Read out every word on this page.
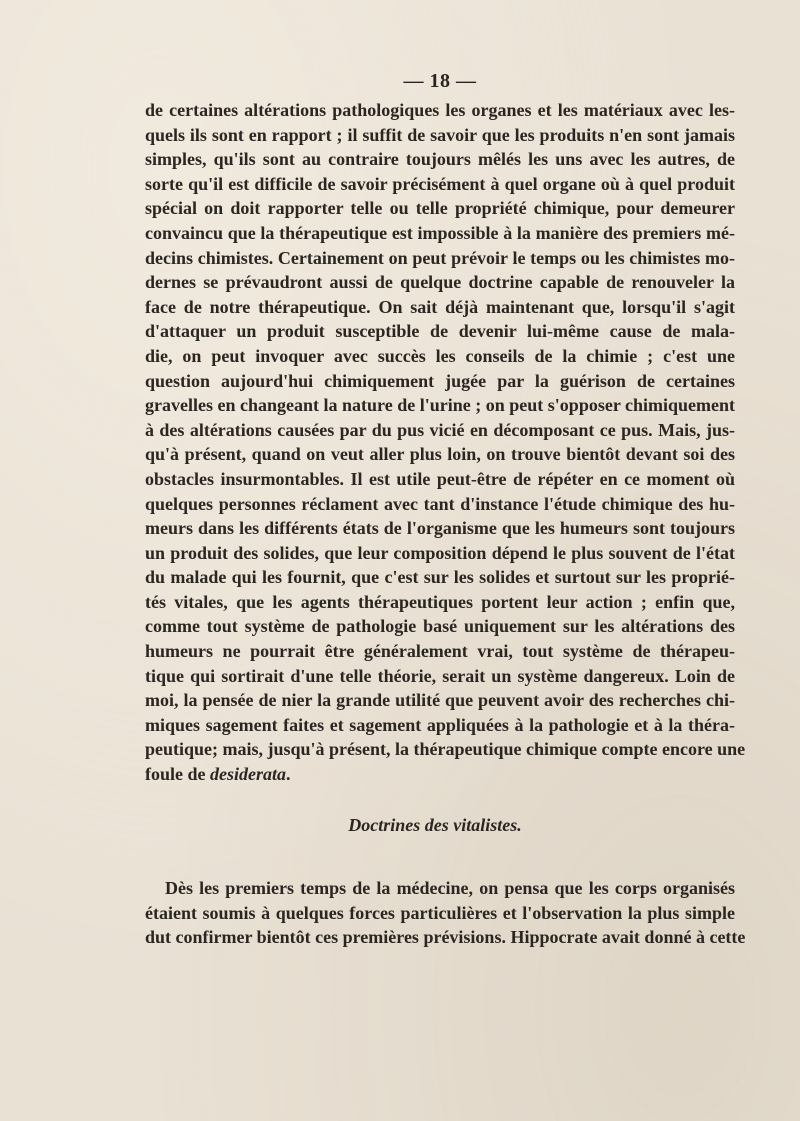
— 18 —
de certaines altérations pathologiques les organes et les matériaux avec les-
quels ils sont en rapport ; il suffit de savoir que les produits n'en sont jamais
simples, qu'ils sont au contraire toujours mêlés les uns avec les autres, de
sorte qu'il est difficile de savoir précisément à quel organe où à quel produit
spécial on doit rapporter telle ou telle propriété chimique, pour demeurer
convaincu que la thérapeutique est impossible à la manière des premiers mé-
decins chimistes. Certainement on peut prévoir le temps ou les chimistes mo-
dernes se prévaudront aussi de quelque doctrine capable de renouveler la
face de notre thérapeutique. On sait déjà maintenant que, lorsqu'il s'agit
d'attaquer un produit susceptible de devenir lui-même cause de mala-
die, on peut invoquer avec succès les conseils de la chimie ; c'est une
question aujourd'hui chimiquement jugée par la guérison de certaines
gravelles en changeant la nature de l'urine ; on peut s'opposer chimiquement
à des altérations causées par du pus vicié en décomposant ce pus. Mais, jus-
qu'à présent, quand on veut aller plus loin, on trouve bientôt devant soi des
obstacles insurmontables. Il est utile peut-être de répéter en ce moment où
quelques personnes réclament avec tant d'instance l'étude chimique des hu-
meurs dans les différents états de l'organisme que les humeurs sont toujours
un produit des solides, que leur composition dépend le plus souvent de l'état
du malade qui les fournit, que c'est sur les solides et surtout sur les proprié-
tés vitales, que les agents thérapeutiques portent leur action ; enfin que,
comme tout système de pathologie basé uniquement sur les altérations des
humeurs ne pourrait être généralement vrai, tout système de thérapeu-
tique qui sortirait d'une telle théorie, serait un système dangereux. Loin de
moi, la pensée de nier la grande utilité que peuvent avoir des recherches chi-
miques sagement faites et sagement appliquées à la pathologie et à la théra-
peutique; mais, jusqu'à présent, la thérapeutique chimique compte encore une
foule de desiderata.
Doctrines des vitalistes.
Dès les premiers temps de la médecine, on pensa que les corps organisés
étaient soumis à quelques forces particulières et l'observation la plus simple
dut confirmer bientôt ces premières prévisions. Hippocrate avait donné à cette
